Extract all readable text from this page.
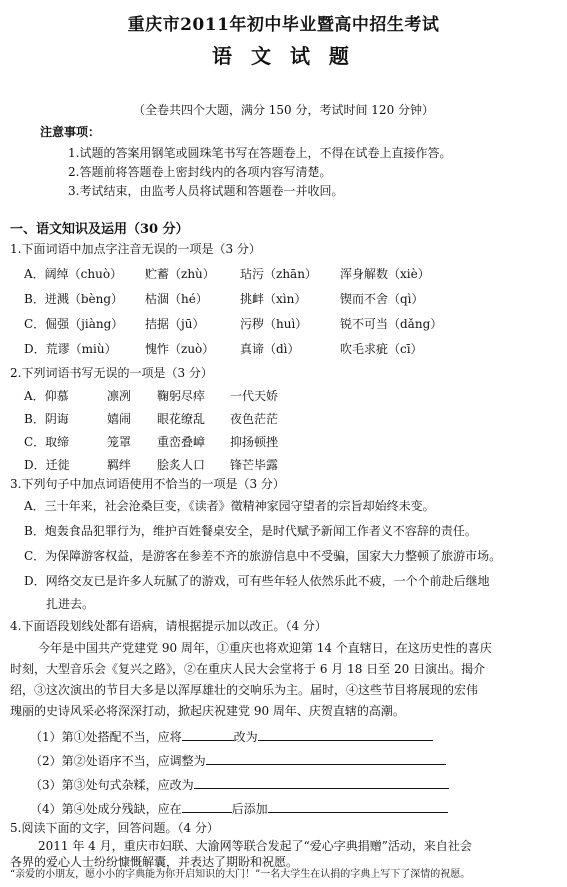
重庆市2011年初中毕业暨高中招生考试
语 文 试 题
（全卷共四个大题，满分 150 分，考试时间 120 分钟）
注意事项：
1.试题的答案用钢笔或圆珠笔书写在答题卷上，不得在试卷上直接作答。
2.答题前将答题卷上密封线内的各项内容写清楚。
3.考试结束，由监考人员将试题和答题卷一并收回。
一、语文知识及运用（30 分）
1.下面词语中加点字注音无误的一项是（3 分）
A．阔绰（chuò） 贮蓄（zhù） 玷污（zhān） 浑身解数（xiè）
B．迸溅（bèng） 枯涸（hé）	挑衅（xìn）	锲而不舍（qì）
C．倔强（jiàng） 拮据（jū）	污秽（huì）	锐不可当（dǎng）
D．荒谬（miù） 愧怍（zuò） 真谛（dì）	吹毛求疵（cī）
2.下列词语书写无误的一项是（3 分）
A．仰慕	凛冽 鞠躬尽瘁 一代天娇
B．阴诲	嬉闹 眼花缭乱 夜色茫茫
C．取缔	笼罩 重峦叠嶂 抑扬顿挫
D．迁徙	羁绊 脍炙人口 锋芒毕露
3.下列句子中加点词语使用不恰当的一项是（3 分）
A．三十年来，社会沧桑巨变，《读者》徵精神家园守望者的宗旨却始终未变。
B．炮轰食品犯罪行为，维护百姓餐桌安全，是时代赋予新闻工作者义不容辞的责任。
C．为保障游客权益，是游客在参差不齐的旅游信息中不受骗，国家大力整顿了旅游市场。
D．网络交友已是许多人玩腻了的游戏，可有些年轻人依然乐此不疲，一个个前赴后继地
扎进去。
4.下面语段划线处都有语病，请根据提示加以改正。（4 分）
今年是中国共产党建党 90 周年，①重庆也将欢迎第 14 个直辖日，在这历史性的喜庆
时刻，大型音乐会《复兴之路》，②在重庆人民大会堂将于 6 月 18 日至 20 日演出。揭介
绍，③这次演出的节目大多是以浑厚雄壮的交响乐为主。届时，④这些节目将展现的宏伟
瑰丽的史诗风采必将深深打动，掀起庆祝建党 90 周年、庆贺直辖的高潮。
（1）第①处搭配不当，应将	改为
（2）第②处语序不当，应调整为
（3）第③处句式杂糅，应改为
（4）第④处成分残缺，应在	后添加
5.阅读下面的文字，回答问题。（4 分）
2011 年 4 月，重庆市妇联、大渝网等联合发起了“爱心字典捐赠”活动，来自社会
各界的爱心人士纷纷慷慨解囊，并表达了期盼和祝愿。
“亲爱的小朋友，愿小小的字典能为你开启知识的大门！”一名大学生在认捐的字典上写下了深情的祝愿。
